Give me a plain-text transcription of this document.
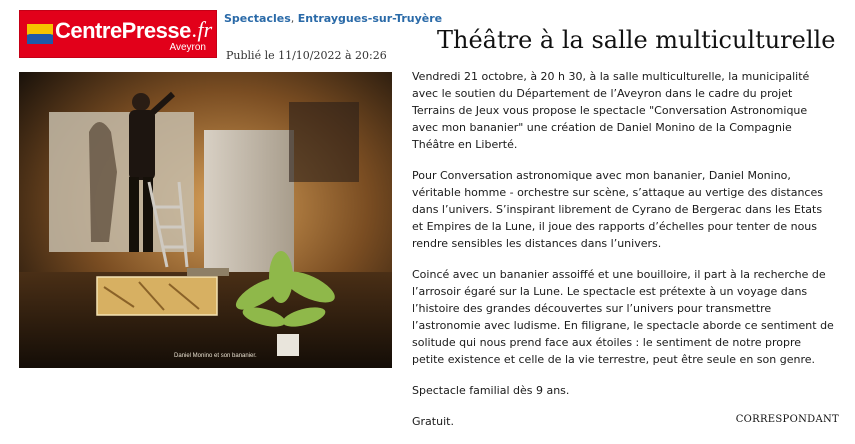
CentrePresse .fr
Aveyron
Spectacles, Entraygues-sur-Truyère
Publié le 11/10/2022 à 20:26
Théâtre à la salle multiculturelle
Daniel Monino et son bananier.

Vendredi 21 octobre, à 20 h 30, à la salle multiculturelle, la municipalité avec le soutien du Département de l’Aveyron dans le cadre du projet Terrains de Jeux vous propose le spectacle "Conversation Astronomique avec mon bananier" une création de Daniel Monino de la Compagnie Théâtre en Liberté.

Pour Conversation astronomique avec mon bananier, Daniel Monino, véritable homme - orchestre sur scène, s’attaque au vertige des distances dans l’univers. S’inspirant librement de Cyrano de Bergerac dans les Etats et Empires de la Lune, il joue des rapports d’échelles pour tenter de nous rendre sensibles les distances dans l’univers.

Coincé avec un bananier assoiffé et une bouilloire, il part à la recherche de l’arrosoir égaré sur la Lune. Le spectacle est prétexte à un voyage dans l’histoire des grandes découvertes sur l’univers pour transmettre l’astronomie avec ludisme. En filigrane, le spectacle aborde ce sentiment de solitude qui nous prend face aux étoiles : le sentiment de notre propre petite existence et celle de la vie terrestre, peut être seule en son genre.

Spectacle familial dès 9 ans.

Gratuit.	CORRESPONDANT
